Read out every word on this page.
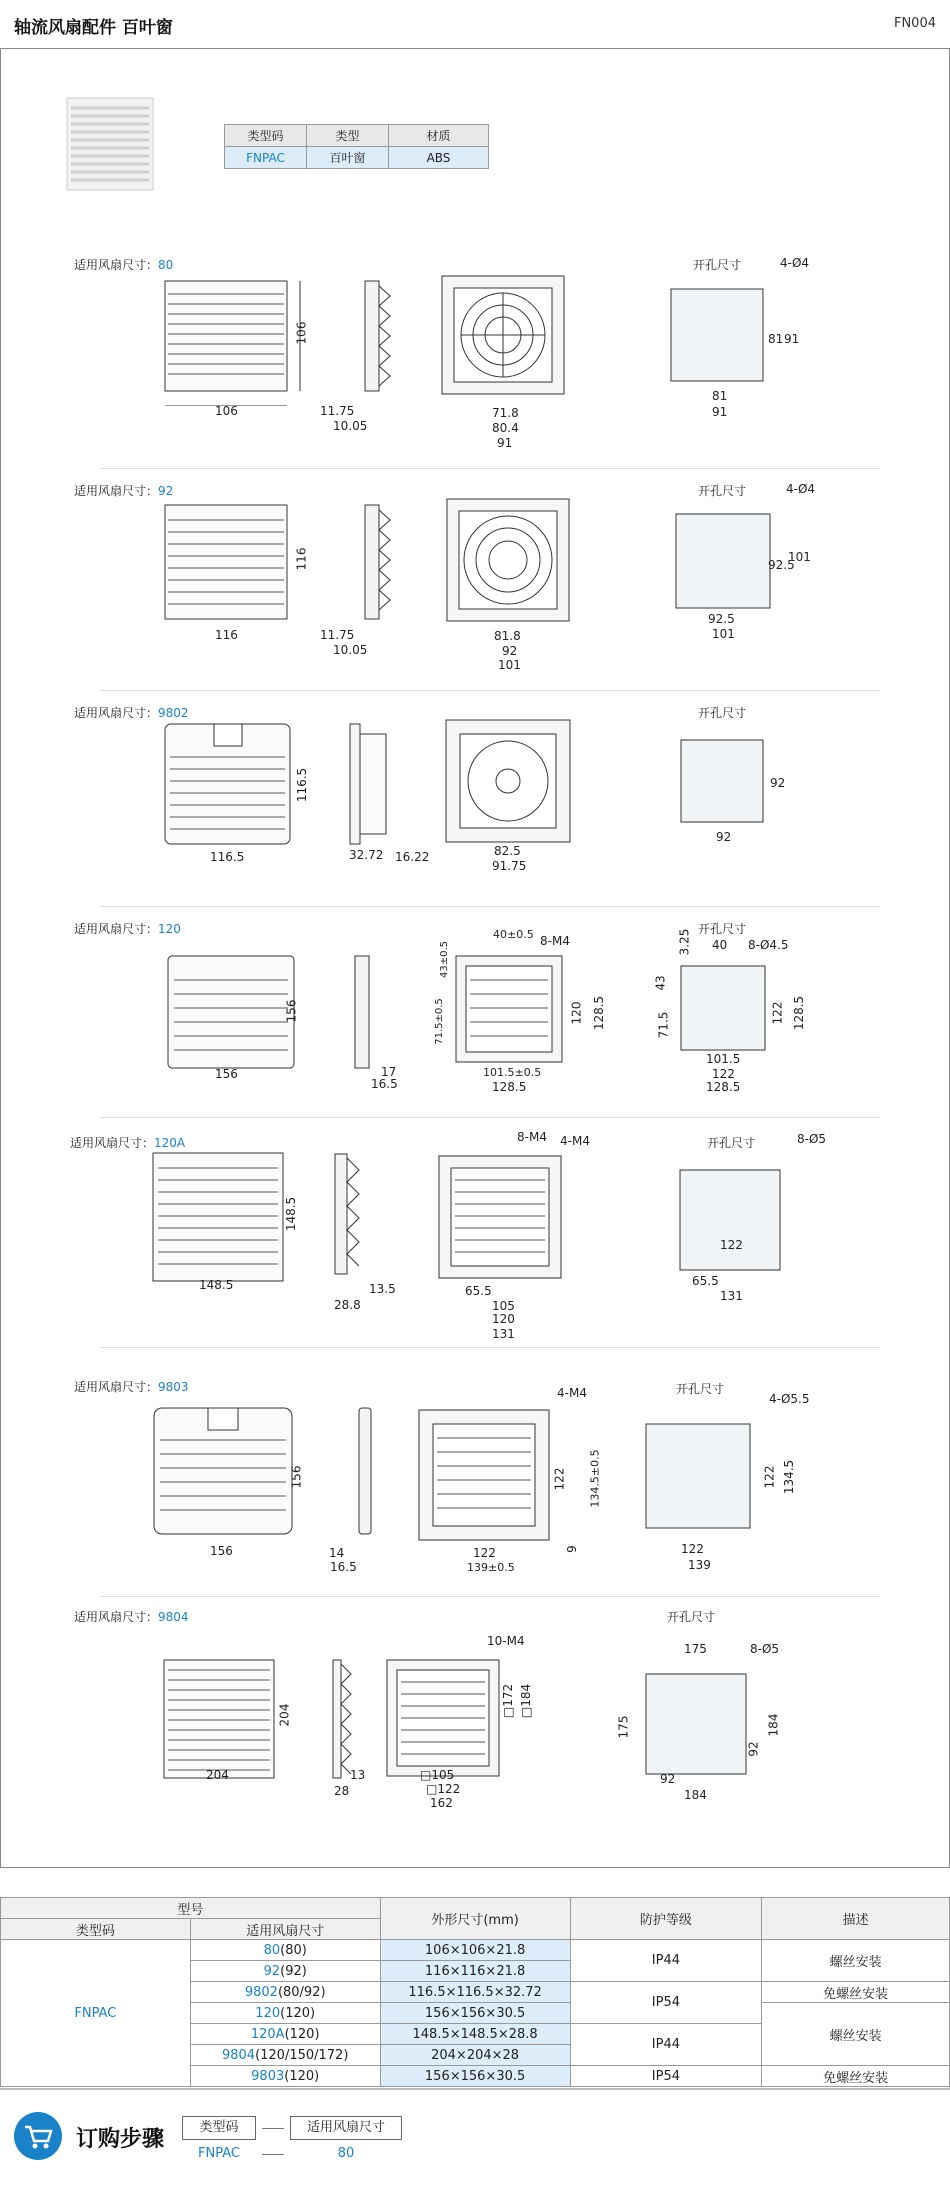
轴流风扇配件 百叶窗	FN004
类型码	类型	材质
FNPAC	百叶窗	ABS
适用风扇尺寸：80
106
106
11.75
10.05
71.8
80.4
91
开孔尺寸	4-Ø4
81
91
81 91
适用风扇尺寸：92
116
116
11.75
10.05
81.8
92
101
开孔尺寸	4-Ø4
92.5
101
92.5
101
适用风扇尺寸：9802
116.5
116.5
32.72 16.22	82.5
91.75
开孔尺寸
92
92
适用风扇尺寸：120
156
156
17
16.5
40±0.5 8-M4
43±0.5
71.5±0.5
101.5±0.5
128.5
120 128.5
开孔尺寸
3.25 40 8-Ø4.5
43
71.5
101.5
122
128.5
122 128.5
适用风扇尺寸：120A
148.5
148.5
13.5
28.8
8-M4 4-M4
65.5
105
120
131
开孔尺寸	8-Ø5
122
65.5
131
适用风扇尺寸：9803
156
156
14
16.5
4-M4
122
139±0.5
122 134.5±0.5
9
开孔尺寸
4-Ø5.5
122
139
122 134.5
适用风扇尺寸：9804
204
204
13
28
10-M4
□105
□122
162
□172 □184
开孔尺寸
175	8-Ø5
175
92
184
184
92
型号		外形尺寸(mm)	防护等级	描述
类型码	适用风扇尺寸			
FNPAC	80(80)	106×106×21.8	IP44	螺丝安装
	92(92)	116×116×21.8		
	9802(80/92)	116.5×116.5×32.72	IP54	免螺丝安装
	120(120)	156×156×30.5		螺丝安装
	120A(120)	148.5×148.5×28.8	IP44	
	9804(120/150/172)	204×204×28		
	9803(120)	156×156×30.5	IP54	免螺丝安装
订购步骤	类型码	适用风扇尺寸
FNPAC	80
